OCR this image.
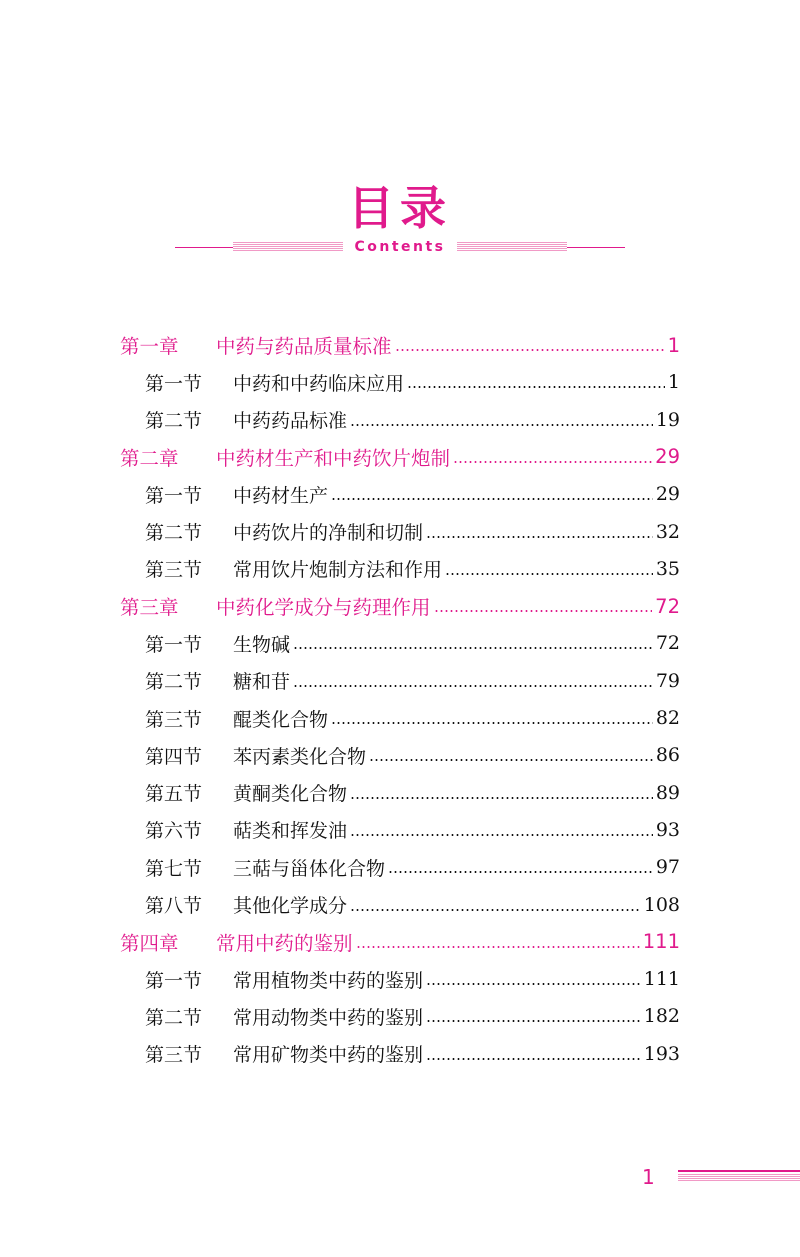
目录
Contents
第一章	中药与药品质量标准	1
第一节	中药和中药临床应用	1
第二节	中药药品标准	19
第二章	中药材生产和中药饮片炮制	29
第一节	中药材生产	29
第二节	中药饮片的净制和切制	32
第三节	常用饮片炮制方法和作用	35
第三章	中药化学成分与药理作用	72
第一节	生物碱	72
第二节	糖和苷	79
第三节	醌类化合物	82
第四节	苯丙素类化合物	86
第五节	黄酮类化合物	89
第六节	萜类和挥发油	93
第七节	三萜与甾体化合物	97
第八节	其他化学成分	108
第四章	常用中药的鉴别	111
第一节	常用植物类中药的鉴别	111
第二节	常用动物类中药的鉴别	182
第三节	常用矿物类中药的鉴别	193
1
